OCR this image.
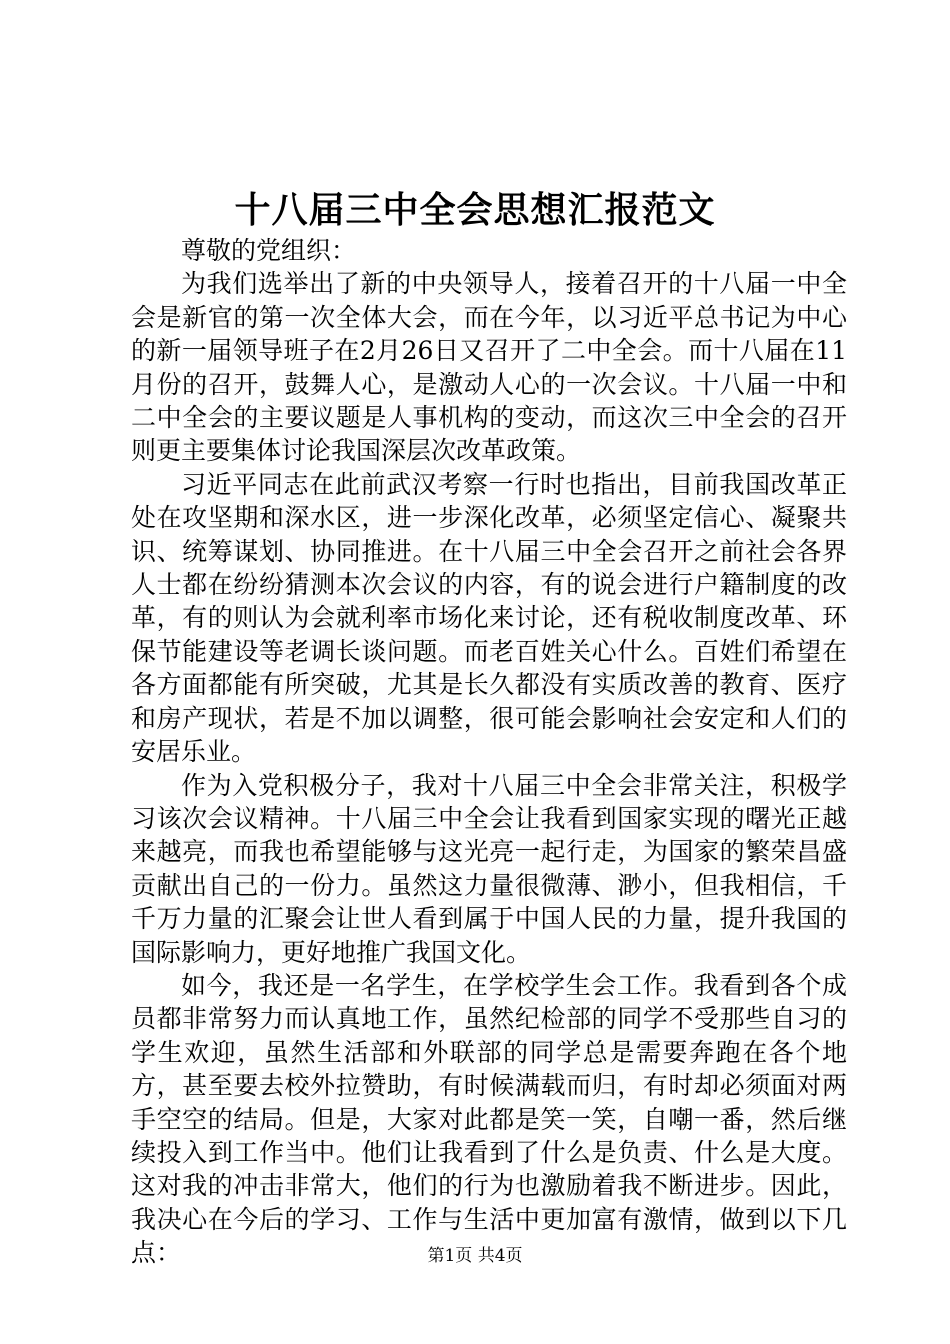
十八届三中全会思想汇报范文

尊敬的党组织：

为我们选举出了新的中央领导人，接着召开的十八届一中全会是新官的第一次全体大会，而在今年，以习近平总书记为中心的新一届领导班子在2月26日又召开了二中全会。而十八届在11月份的召开，鼓舞人心，是激动人心的一次会议。十八届一中和二中全会的主要议题是人事机构的变动，而这次三中全会的召开则更主要集体讨论我国深层次改革政策。

习近平同志在此前武汉考察一行时也指出，目前我国改革正处在攻坚期和深水区，进一步深化改革，必须坚定信心、凝聚共识、统筹谋划、协同推进。在十八届三中全会召开之前社会各界人士都在纷纷猜测本次会议的内容，有的说会进行户籍制度的改革，有的则认为会就利率市场化来讨论，还有税收制度改革、环保节能建设等老调长谈问题。而老百姓关心什么。百姓们希望在各方面都能有所突破，尤其是长久都没有实质改善的教育、医疗和房产现状，若是不加以调整，很可能会影响社会安定和人们的安居乐业。

作为入党积极分子，我对十八届三中全会非常关注，积极学习该次会议精神。十八届三中全会让我看到国家实现的曙光正越来越亮，而我也希望能够与这光亮一起行走，为国家的繁荣昌盛贡献出自己的一份力。虽然这力量很微薄、渺小，但我相信，千千万力量的汇聚会让世人看到属于中国人民的力量，提升我国的国际影响力，更好地推广我国文化。

如今，我还是一名学生，在学校学生会工作。我看到各个成员都非常努力而认真地工作，虽然纪检部的同学不受那些自习的学生欢迎，虽然生活部和外联部的同学总是需要奔跑在各个地方，甚至要去校外拉赞助，有时候满载而归，有时却必须面对两手空空的结局。但是，大家对此都是笑一笑，自嘲一番，然后继续投入到工作当中。他们让我看到了什么是负责、什么是大度。这对我的冲击非常大，他们的行为也激励着我不断进步。因此，我决心在今后的学习、工作与生活中更加富有激情，做到以下几点：	第1页 共4页
